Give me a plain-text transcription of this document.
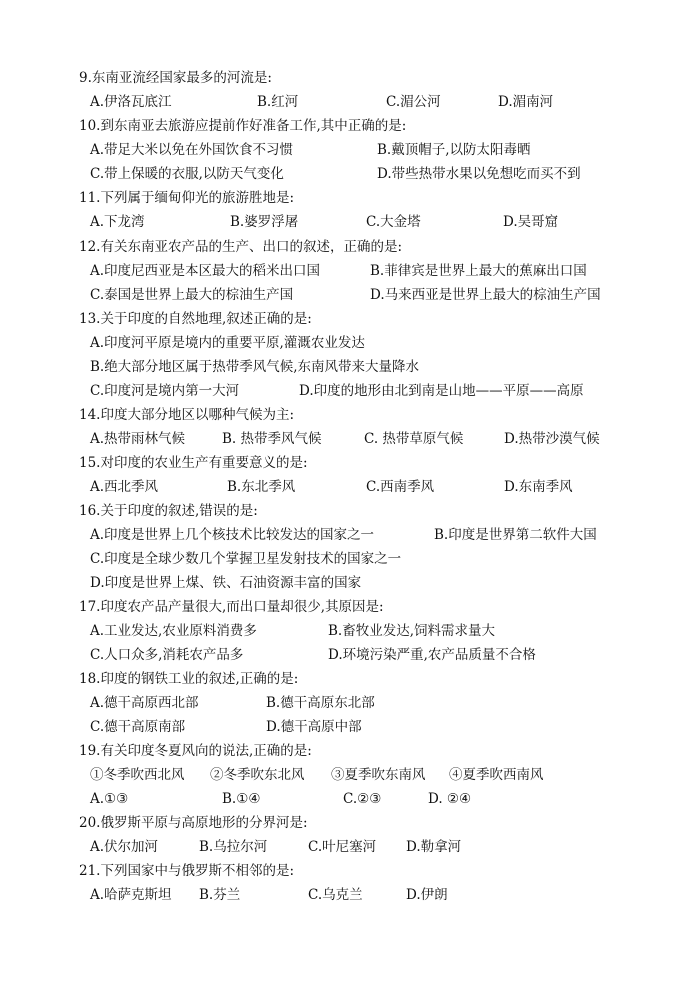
9.东南亚流经国家最多的河流是:
A.伊洛瓦底江	B.红河	C.湄公河	D.湄南河
10.到东南亚去旅游应提前作好准备工作,其中正确的是:
A.带足大米以免在外国饮食不习惯	B.戴顶帽子,以防太阳毒晒
C.带上保暖的衣服,以防天气变化	D.带些热带水果以免想吃而买不到
11.下列属于缅甸仰光的旅游胜地是:
A.下龙湾	B.婆罗浮屠	C.大金塔	D.吴哥窟
12.有关东南亚农产品的生产、出口的叙述，正确的是:
A.印度尼西亚是本区最大的稻米出口国	B.菲律宾是世界上最大的蕉麻出口国
C.泰国是世界上最大的棕油生产国	D.马来西亚是世界上最大的棕油生产国
13.关于印度的自然地理,叙述正确的是:
A.印度河平原是境内的重要平原,灌溉农业发达
B.绝大部分地区属于热带季风气候,东南风带来大量降水
C.印度河是境内第一大河	D.印度的地形由北到南是山地——平原——高原
14.印度大部分地区以哪种气候为主:
A.热带雨林气候	B. 热带季风气候	C. 热带草原气候	D.热带沙漠气候
15.对印度的农业生产有重要意义的是:
A.西北季风	B.东北季风	C.西南季风	D.东南季风
16.关于印度的叙述,错误的是:
A.印度是世界上几个核技术比较发达的国家之一	B.印度是世界第二软件大国
C.印度是全球少数几个掌握卫星发射技术的国家之一
D.印度是世界上煤、铁、石油资源丰富的国家
17.印度农产品产量很大,而出口量却很少,其原因是:
A.工业发达,农业原料消费多	B.畜牧业发达,饲料需求量大
C.人口众多,消耗农产品多	D.环境污染严重,农产品质量不合格
18.印度的钢铁工业的叙述,正确的是:
A.德干高原西北部	B.德干高原东北部
C.德干高原南部	D.德干高原中部
19.有关印度冬夏风向的说法,正确的是:
①冬季吹西北风 ②冬季吹东北风 ③夏季吹东南风 ④夏季吹西南风
A.①③	B.①④	C.②③	D. ②④
20.俄罗斯平原与高原地形的分界河是:
A.伏尔加河	B.乌拉尔河	C.叶尼塞河 D.勒拿河
21.下列国家中与俄罗斯不相邻的是:
A.哈萨克斯坦 B.芬兰	C.乌克兰	D.伊朗
